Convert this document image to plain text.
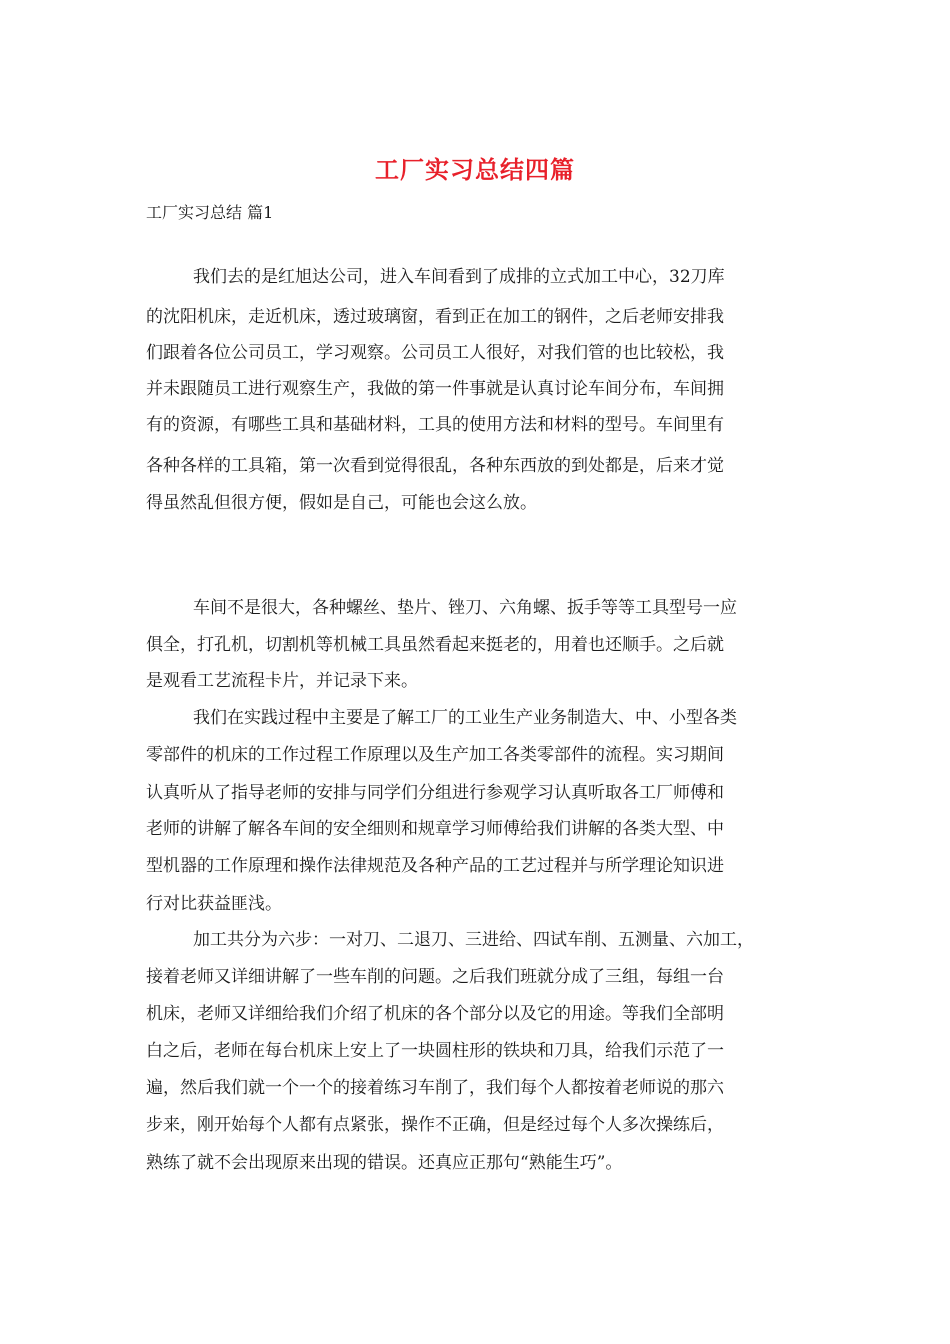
工厂实习总结四篇
工厂实习总结 篇1
我们去的是红旭达公司，进入车间看到了成排的立式加工中心，32刀库
的沈阳机床，走近机床，透过玻璃窗，看到正在加工的钢件，之后老师安排我
们跟着各位公司员工，学习观察。公司员工人很好，对我们管的也比较松，我
并未跟随员工进行观察生产，我做的第一件事就是认真讨论车间分布，车间拥
有的资源，有哪些工具和基础材料，工具的使用方法和材料的型号。车间里有
各种各样的工具箱，第一次看到觉得很乱，各种东西放的到处都是，后来才觉
得虽然乱但很方便，假如是自己，可能也会这么放。
车间不是很大，各种螺丝、垫片、锉刀、六角螺、扳手等等工具型号一应
俱全，打孔机，切割机等机械工具虽然看起来挺老的，用着也还顺手。之后就
是观看工艺流程卡片，并记录下来。
我们在实践过程中主要是了解工厂的工业生产业务制造大、中、小型各类
零部件的机床的工作过程工作原理以及生产加工各类零部件的流程。实习期间
认真听从了指导老师的安排与同学们分组进行参观学习认真听取各工厂师傅和
老师的讲解了解各车间的安全细则和规章学习师傅给我们讲解的各类大型、中
型机器的工作原理和操作法律规范及各种产品的工艺过程并与所学理论知识进
行对比获益匪浅。
加工共分为六步：一对刀、二退刀、三进给、四试车削、五测量、六加工，
接着老师又详细讲解了一些车削的问题。之后我们班就分成了三组，每组一台
机床，老师又详细给我们介绍了机床的各个部分以及它的用途。等我们全部明
白之后，老师在每台机床上安上了一块圆柱形的铁块和刀具，给我们示范了一
遍，然后我们就一个一个的接着练习车削了，我们每个人都按着老师说的那六
步来，刚开始每个人都有点紧张，操作不正确，但是经过每个人多次操练后，
熟练了就不会出现原来出现的错误。还真应正那句“熟能生巧”。
